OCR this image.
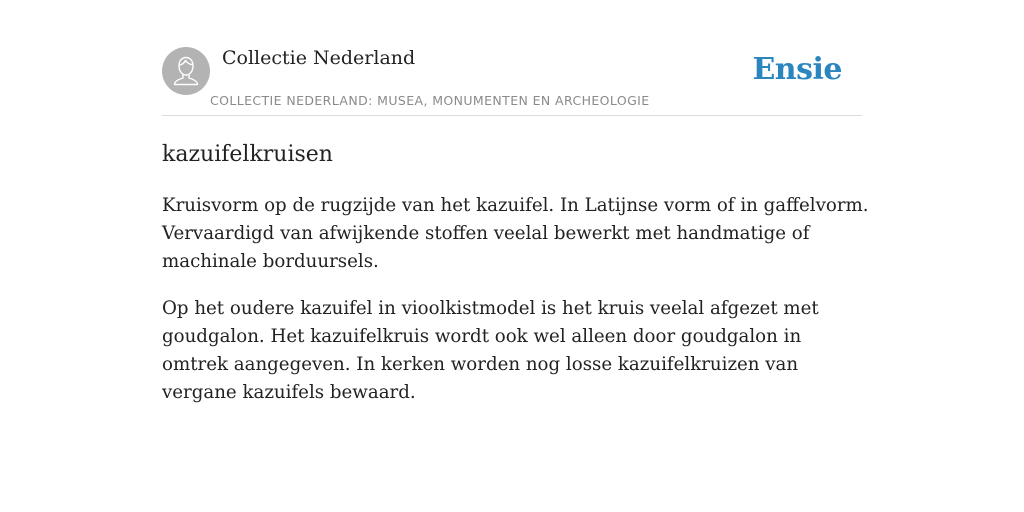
Collectie Nederland
COLLECTIE NEDERLAND: MUSEA, MONUMENTEN EN ARCHEOLOGIE
Ensie
kazuifelkruisen

Kruisvorm op de rugzijde van het kazuifel. In Latijnse vorm of in gaffelvorm. Vervaardigd van afwijkende stoffen veelal bewerkt met handmatige of machinale borduursels.

Op het oudere kazuifel in vioolkistmodel is het kruis veelal afgezet met goudgalon. Het kazuifelkruis wordt ook wel alleen door goudgalon in omtrek aangegeven. In kerken worden nog losse kazuifelkruizen van vergane kazuifels bewaard.
